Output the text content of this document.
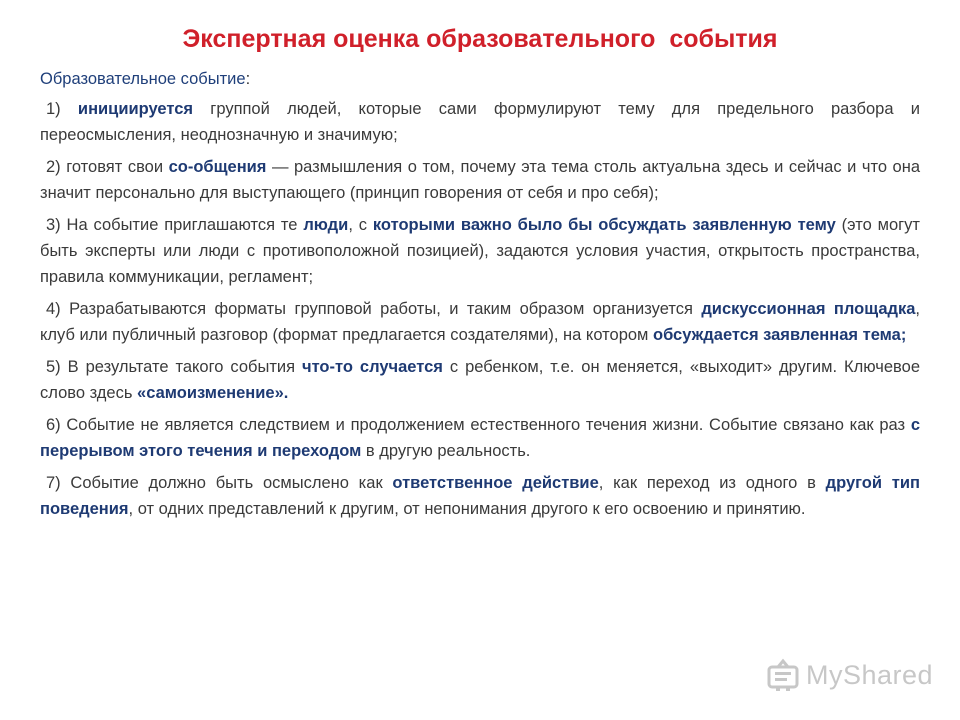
Экспертная оценка образовательного  события
Образовательное событие:

1) инициируется группой людей, которые сами формулируют тему для предельного разбора и переосмысления, неоднозначную и значимую;

2) готовят свои со-общения — размышления о том, почему эта тема столь актуальна здесь и сейчас и что она значит персонально для выступающего (принцип говорения от себя и про себя);

3) На событие приглашаются те люди, с которыми важно было бы обсуждать заявленную тему (это могут быть эксперты или люди с противоположной позицией), задаются условия участия, открытость пространства, правила коммуникации, регламент;

4) Разрабатываются форматы групповой работы, и таким образом организуется дискуссионная площадка, клуб или публичный разговор (формат предлагается создателями), на котором обсуждается заявленная тема;

5) В результате такого события что-то случается с ребенком, т.е. он меняется, «выходит» другим. Ключевое слово здесь «самоизменение».

6) Событие не является следствием и продолжением естественного течения жизни. Событие связано как раз с перерывом этого течения и переходом в другую реальность.

7) Событие должно быть осмыслено как ответственное действие, как переход из одного в другой тип поведения, от одних представлений к другим, от непонимания другого к его освоению и принятию.

MyShared
